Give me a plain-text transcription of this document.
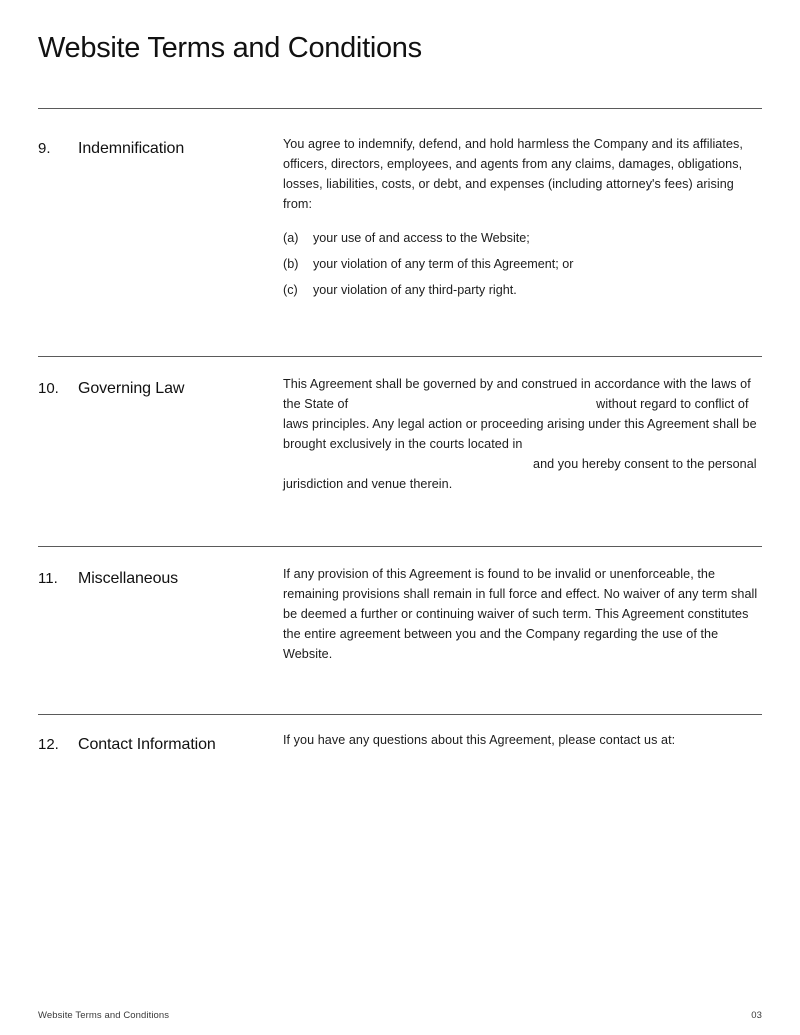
Website Terms and Conditions
9.	Indemnification	You agree to indemnify, defend, and hold harmless the Company and its affiliates, officers, directors, employees, and agents from any claims, damages, obligations, losses, liabilities, costs, or debt, and expenses (including attorney's fees) arising from:

(a)	your use of and access to the Website;
(b)	your violation of any term of this Agreement; or
(c)	your violation of any third-party right.
10.	Governing Law	This Agreement shall be governed by and construed in accordance with the laws of the State of	without regard to conflict of laws principles. Any legal action or proceeding arising under this Agreement shall be brought exclusively in the courts located inand you hereby consent to the personal jurisdiction and venue therein.

11.	Miscellaneous	If any provision of this Agreement is found to be invalid or unenforceable, the remaining provisions shall remain in full force and effect. No waiver of any term shall be deemed a further or continuing waiver of such term. This Agreement constitutes the entire agreement between you and the Company regarding the use of the Website.

12.	Contact Information	If you have any questions about this Agreement, please contact us at:

Website Terms and Conditions	03
